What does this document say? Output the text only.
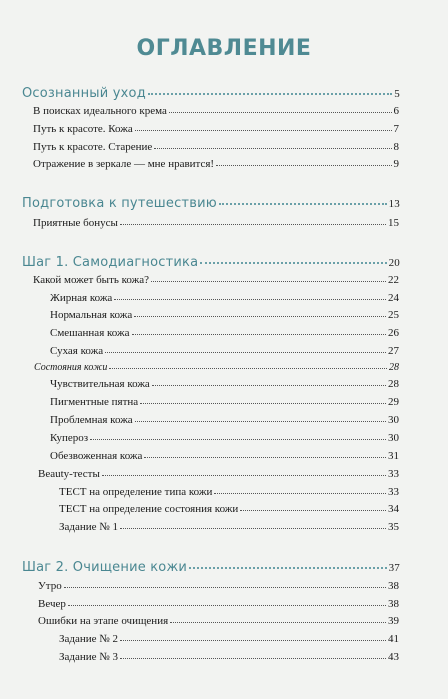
ОГЛАВЛЕНИЕ
Осознанный уход	5
В поисках идеального крема	6
Путь к красоте. Кожа	7
Путь к красоте. Старение	8
Отражение в зеркале — мне нравится!	9
Подготовка к путешествию	13
Приятные бонусы	15
Шаг 1. Самодиагностика	20
Какой может быть кожа?	22
Жирная кожа	24
Нормальная кожа	25
Смешанная кожа	26
Сухая кожа	27
Состояния кожи	28
Чувствительная кожа	28
Пигментные пятна	29
Проблемная кожа	30
Купероз	30
Обезвоженная кожа	31
Beauty-тесты	33
ТЕСТ на определение типа кожи	33
ТЕСТ на определение состояния кожи	34
Задание № 1	35
Шаг 2. Очищение кожи	37
Утро	38
Вечер	38
Ошибки на этапе очищения	39
Задание № 2	41
Задание № 3	43
